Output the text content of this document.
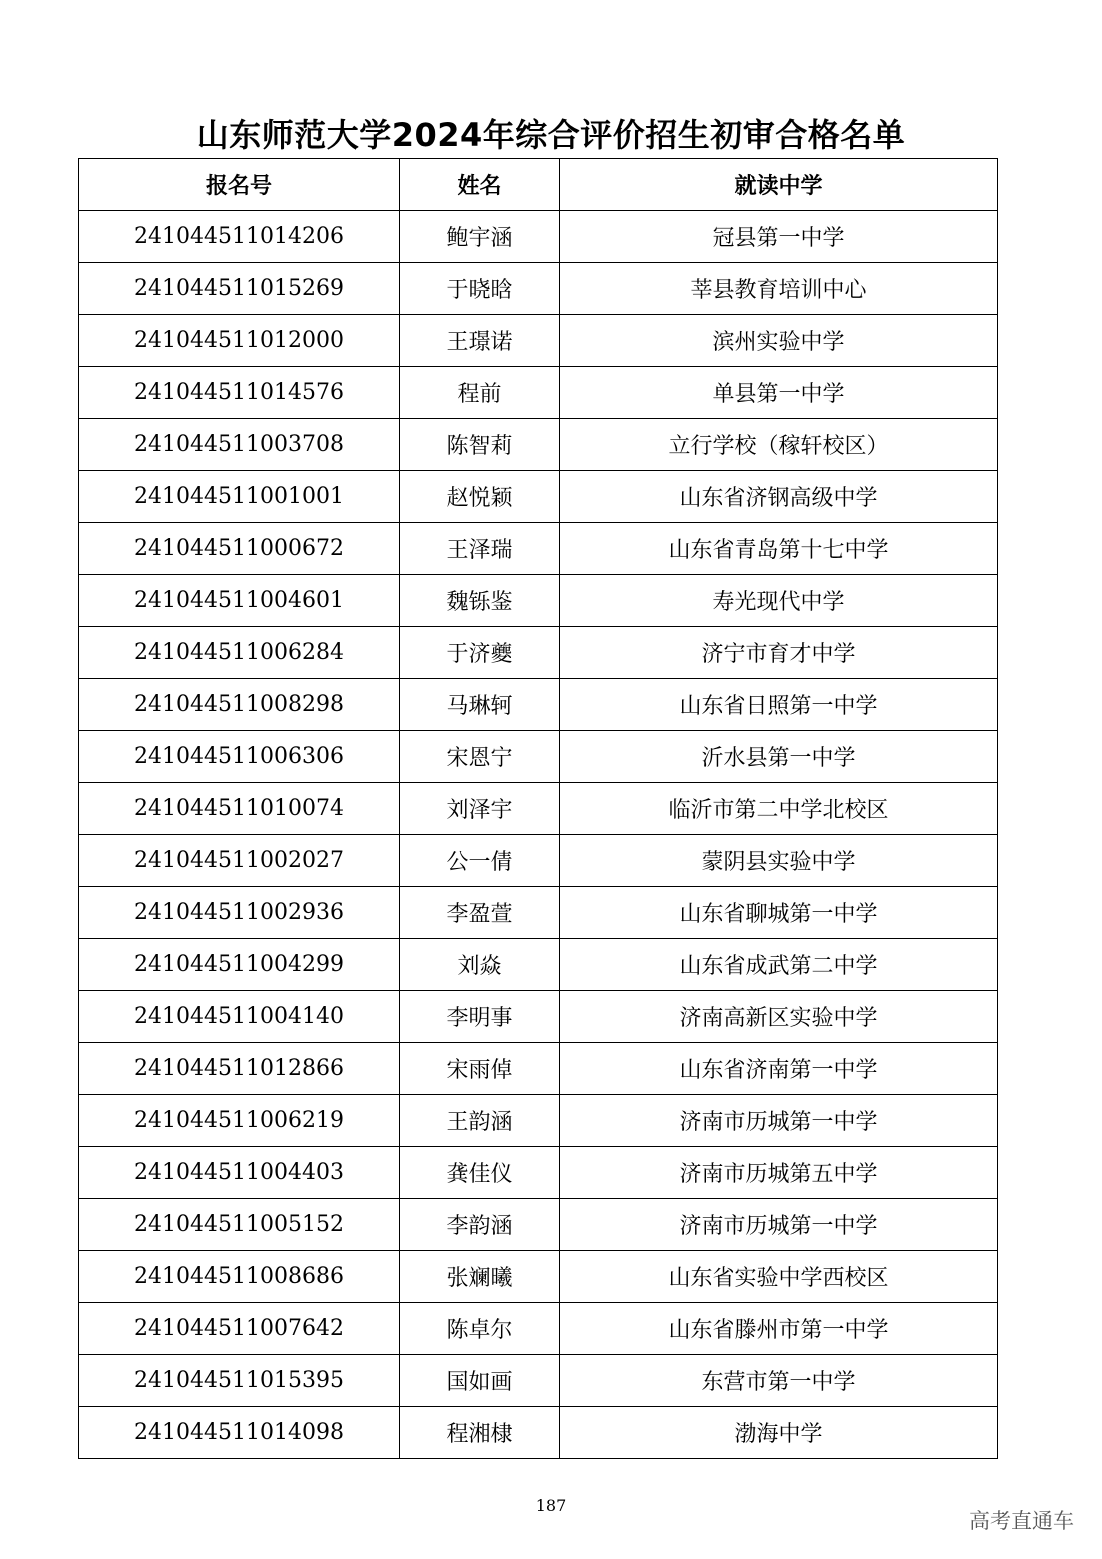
山东师范大学2024年综合评价招生初审合格名单
报名号	姓名	就读中学
241044511014206	鲍宇涵	冠县第一中学
241044511015269	于晓晗	莘县教育培训中心
241044511012000	王璟诺	滨州实验中学
241044511014576	程前	单县第一中学
241044511003708	陈智莉	立行学校（稼轩校区）
241044511001001	赵悦颖	山东省济钢高级中学
241044511000672	王泽瑞	山东省青岛第十七中学
241044511004601	魏铄鉴	寿光现代中学
241044511006284	于济夔	济宁市育才中学
241044511008298	马琳轲	山东省日照第一中学
241044511006306	宋恩宁	沂水县第一中学
241044511010074	刘泽宇	临沂市第二中学北校区
241044511002027	公一倩	蒙阴县实验中学
241044511002936	李盈萱	山东省聊城第一中学
241044511004299	刘焱	山东省成武第二中学
241044511004140	李明事	济南高新区实验中学
241044511012866	宋雨倬	山东省济南第一中学
241044511006219	王韵涵	济南市历城第一中学
241044511004403	龚佳仪	济南市历城第五中学
241044511005152	李韵涵	济南市历城第一中学
241044511008686	张斓曦	山东省实验中学西校区
241044511007642	陈卓尔	山东省滕州市第一中学
241044511015395	国如画	东营市第一中学
241044511014098	程湘棣	渤海中学
187
高考直通车
